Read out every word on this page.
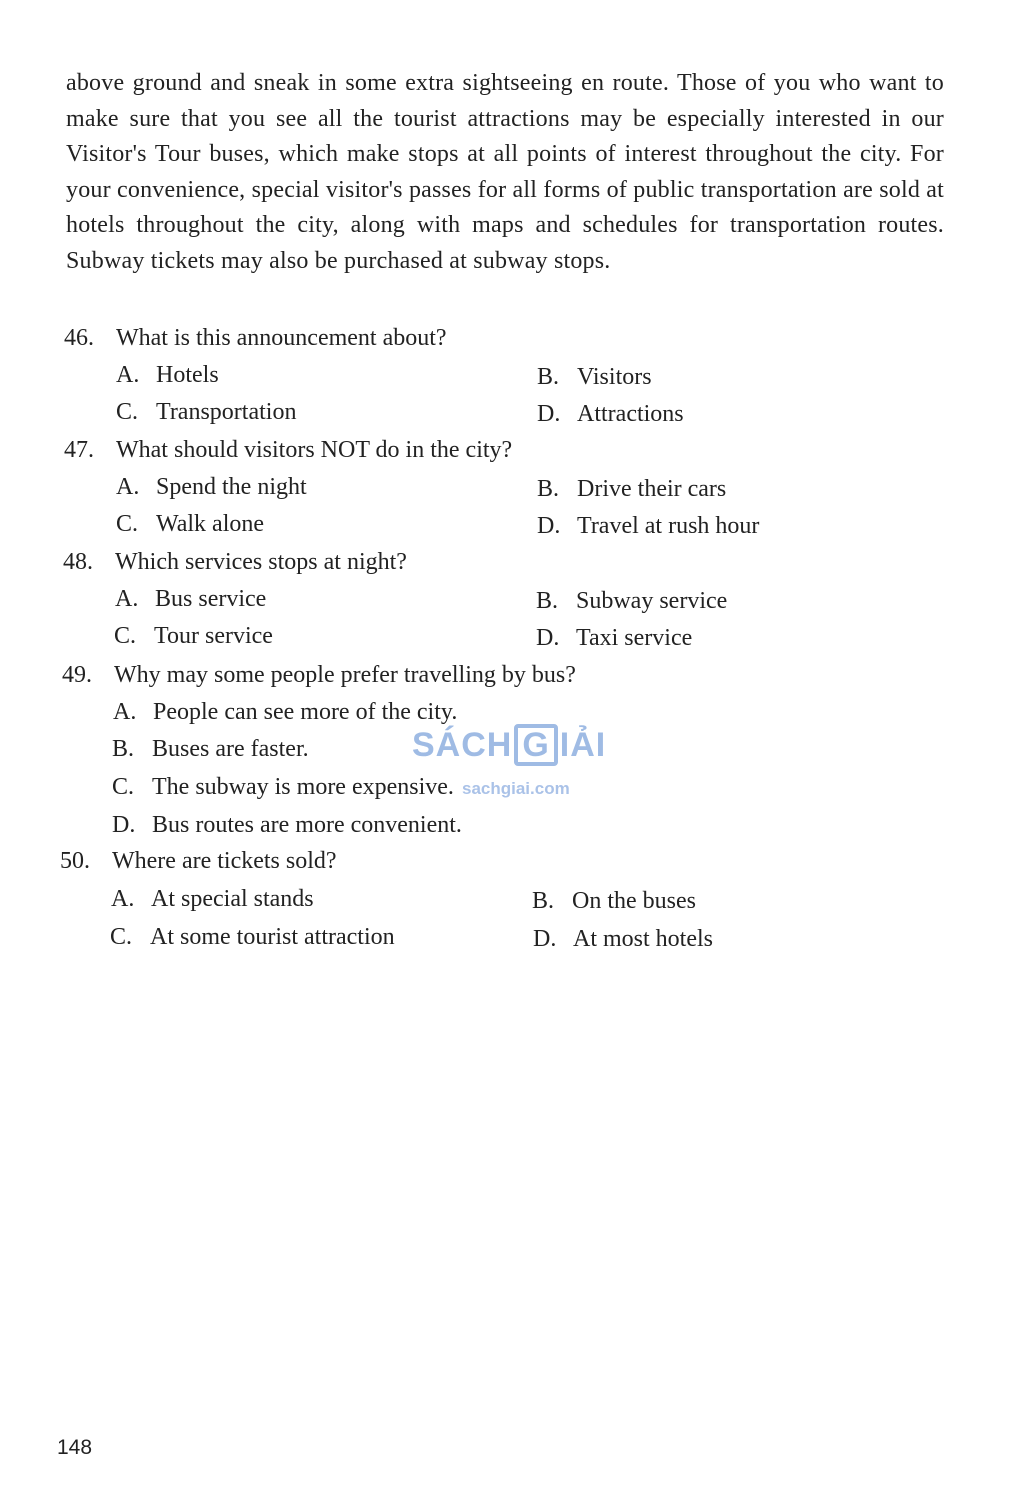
above ground and sneak in some extra sightseeing en route. Those of you who want to make sure that you see all the tourist attractions may be especially interested in our Visitor's Tour buses, which make stops at all points of interest throughout the city. For your convenience, special visitor's passes for all forms of public transportation are sold at hotels throughout the city, along with maps and schedules for transportation routes. Subway tickets may also be purchased at subway stops.

46. What is this announcement about?
A. Hotels	B. Visitors
C. Transportation	D. Attractions
47. What should visitors NOT do in the city?
A. Spend the night	B. Drive their cars
C. Walk alone	D. Travel at rush hour
48. Which services stops at night?
A. Bus service	B. Subway service
C. Tour service	D. Taxi service
49. Why may some people prefer travelling by bus?
A. People can see more of the city.
B. Buses are faster.
C. The subway is more expensive.
D. Bus routes are more convenient.
50. Where are tickets sold?
A. At special stands	B. On the buses
C. At some tourist attraction	D. At most hotels
SÁCH G IẢI
sachgiai.com
148
